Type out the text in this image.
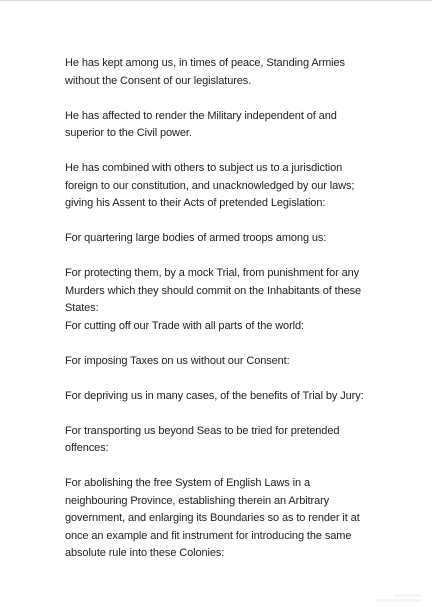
He has kept among us, in times of peace, Standing Armies without the Consent of our legislatures.

He has affected to render the Military independent of and superior to the Civil power.

He has combined with others to subject us to a jurisdiction foreign to our constitution, and unacknowledged by our laws; giving his Assent to their Acts of pretended Legislation:

For quartering large bodies of armed troops among us:

For protecting them, by a mock Trial, from punishment for any Murders which they should commit on the Inhabitants of these States:

For cutting off our Trade with all parts of the world:

For imposing Taxes on us without our Consent:

For depriving us in many cases, of the benefits of Trial by Jury:

For transporting us beyond Seas to be tried for pretended offences:

For abolishing the free System of English Laws in a neighbouring Province, establishing therein an Arbitrary government, and enlarging its Boundaries so as to render it at once an example and fit instrument for introducing the same absolute rule into these Colonies:
